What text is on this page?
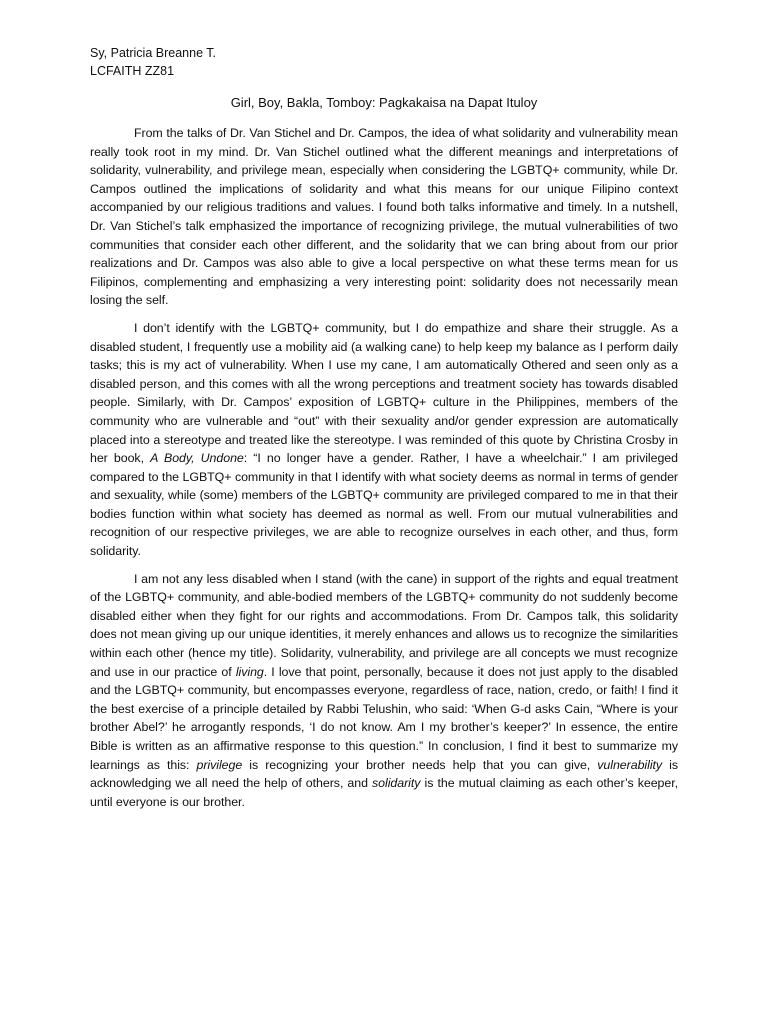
Sy, Patricia Breanne T.
LCFAITH ZZ81
Girl, Boy, Bakla, Tomboy: Pagkakaisa na Dapat Ituloy

From the talks of Dr. Van Stichel and Dr. Campos, the idea of what solidarity and vulnerability mean really took root in my mind. Dr. Van Stichel outlined what the different meanings and interpretations of solidarity, vulnerability, and privilege mean, especially when considering the LGBTQ+ community, while Dr. Campos outlined the implications of solidarity and what this means for our unique Filipino context accompanied by our religious traditions and values. I found both talks informative and timely. In a nutshell, Dr. Van Stichel’s talk emphasized the importance of recognizing privilege, the mutual vulnerabilities of two communities that consider each other different, and the solidarity that we can bring about from our prior realizations and Dr. Campos was also able to give a local perspective on what these terms mean for us Filipinos, complementing and emphasizing a very interesting point: solidarity does not necessarily mean losing the self.

I don’t identify with the LGBTQ+ community, but I do empathize and share their struggle. As a disabled student, I frequently use a mobility aid (a walking cane) to help keep my balance as I perform daily tasks; this is my act of vulnerability. When I use my cane, I am automatically Othered and seen only as a disabled person, and this comes with all the wrong perceptions and treatment society has towards disabled people. Similarly, with Dr. Campos’ exposition of LGBTQ+ culture in the Philippines, members of the community who are vulnerable and “out” with their sexuality and/or gender expression are automatically placed into a stereotype and treated like the stereotype. I was reminded of this quote by Christina Crosby in her book, A Body, Undone: “I no longer have a gender. Rather, I have a wheelchair.” I am privileged compared to the LGBTQ+ community in that I identify with what society deems as normal in terms of gender and sexuality, while (some) members of the LGBTQ+ community are privileged compared to me in that their bodies function within what society has deemed as normal as well. From our mutual vulnerabilities and recognition of our respective privileges, we are able to recognize ourselves in each other, and thus, form solidarity.

I am not any less disabled when I stand (with the cane) in support of the rights and equal treatment of the LGBTQ+ community, and able-bodied members of the LGBTQ+ community do not suddenly become disabled either when they fight for our rights and accommodations. From Dr. Campos talk, this solidarity does not mean giving up our unique identities, it merely enhances and allows us to recognize the similarities within each other (hence my title). Solidarity, vulnerability, and privilege are all concepts we must recognize and use in our practice of living. I love that point, personally, because it does not just apply to the disabled and the LGBTQ+ community, but encompasses everyone, regardless of race, nation, credo, or faith! I find it the best exercise of a principle detailed by Rabbi Telushin, who said: ‘When G-d asks Cain, “Where is your brother Abel?’ he arrogantly responds, ‘I do not know. Am I my brother’s keeper?’ In essence, the entire Bible is written as an affirmative response to this question.” In conclusion, I find it best to summarize my learnings as this: privilege is recognizing your brother needs help that you can give, vulnerability is acknowledging we all need the help of others, and solidarity is the mutual claiming as each other’s keeper, until everyone is our brother.
